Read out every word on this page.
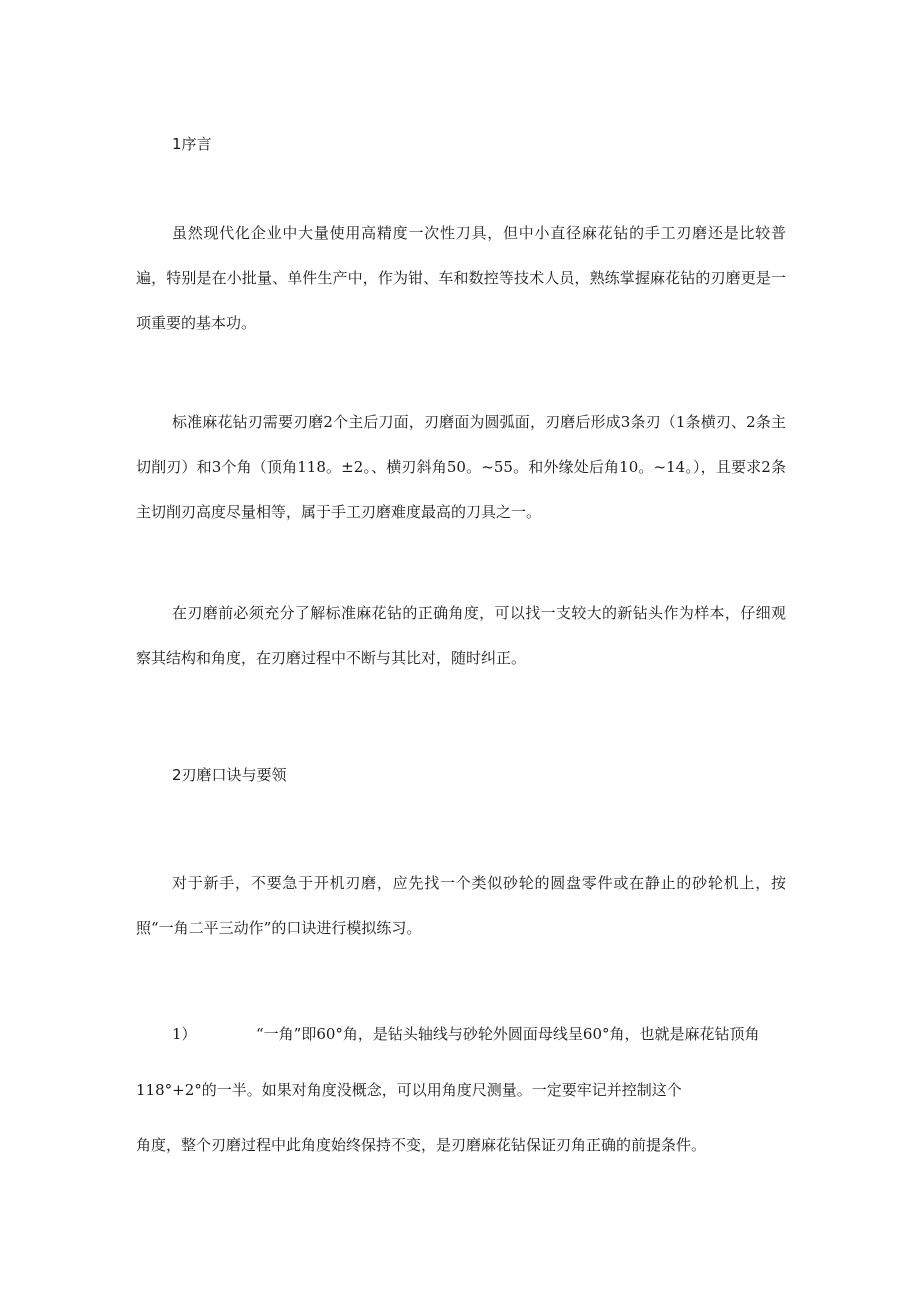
1序言
虽然现代化企业中大量使用高精度一次性刀具，但中小直径麻花钻的手工刃磨还是比较普遍，特别是在小批量、单件生产中，作为钳、车和数控等技术人员，熟练掌握麻花钻的刃磨更是一项重要的基本功。
标准麻花钻刃需要刃磨2个主后刀面，刃磨面为圆弧面，刃磨后形成3条刃（1条横刃、2条主切削刃）和3个角（顶角118。±2。、横刃斜角50。~55。和外缘处后角10。~14。），且要求2条主切削刃高度尽量相等，属于手工刃磨难度最高的刀具之一。
在刃磨前必须充分了解标准麻花钻的正确角度，可以找一支较大的新钻头作为样本，仔细观察其结构和角度，在刃磨过程中不断与其比对，随时纠正。
2刃磨口诀与要领
对于新手，不要急于开机刃磨，应先找一个类似砂轮的圆盘零件或在静止的砂轮机上，按照“一角二平三动作”的口诀进行模拟练习。
1）	“一角”即60°角，是钻头轴线与砂轮外圆面母线呈60°角，也就是麻花钻顶角
118°+2°的一半。如果对角度没概念，可以用角度尺测量。一定要牢记并控制这个
角度，整个刃磨过程中此角度始终保持不变，是刃磨麻花钻保证刃角正确的前提条件。
